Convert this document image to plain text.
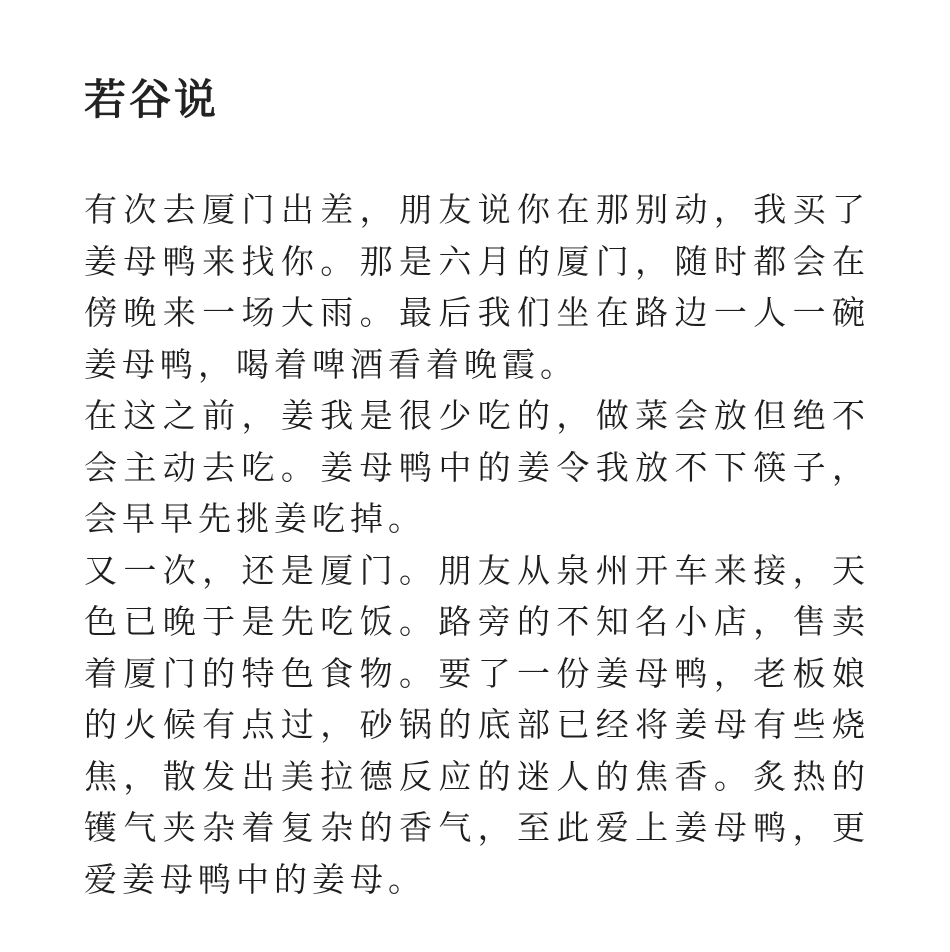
若谷说

有次去厦门出差，朋友说你在那别动，我买了姜母鸭来找你。那是六月的厦门，随时都会在傍晚来一场大雨。最后我们坐在路边一人一碗姜母鸭，喝着啤酒看着晚霞。

在这之前，姜我是很少吃的，做菜会放但绝不会主动去吃。姜母鸭中的姜令我放不下筷子，会早早先挑姜吃掉。

又一次，还是厦门。朋友从泉州开车来接，天色已晚于是先吃饭。路旁的不知名小店，售卖着厦门的特色食物。要了一份姜母鸭，老板娘的火候有点过，砂锅的底部已经将姜母有些烧焦，散发出美拉德反应的迷人的焦香。炙热的镬气夹杂着复杂的香气，至此爱上姜母鸭，更爱姜母鸭中的姜母。
